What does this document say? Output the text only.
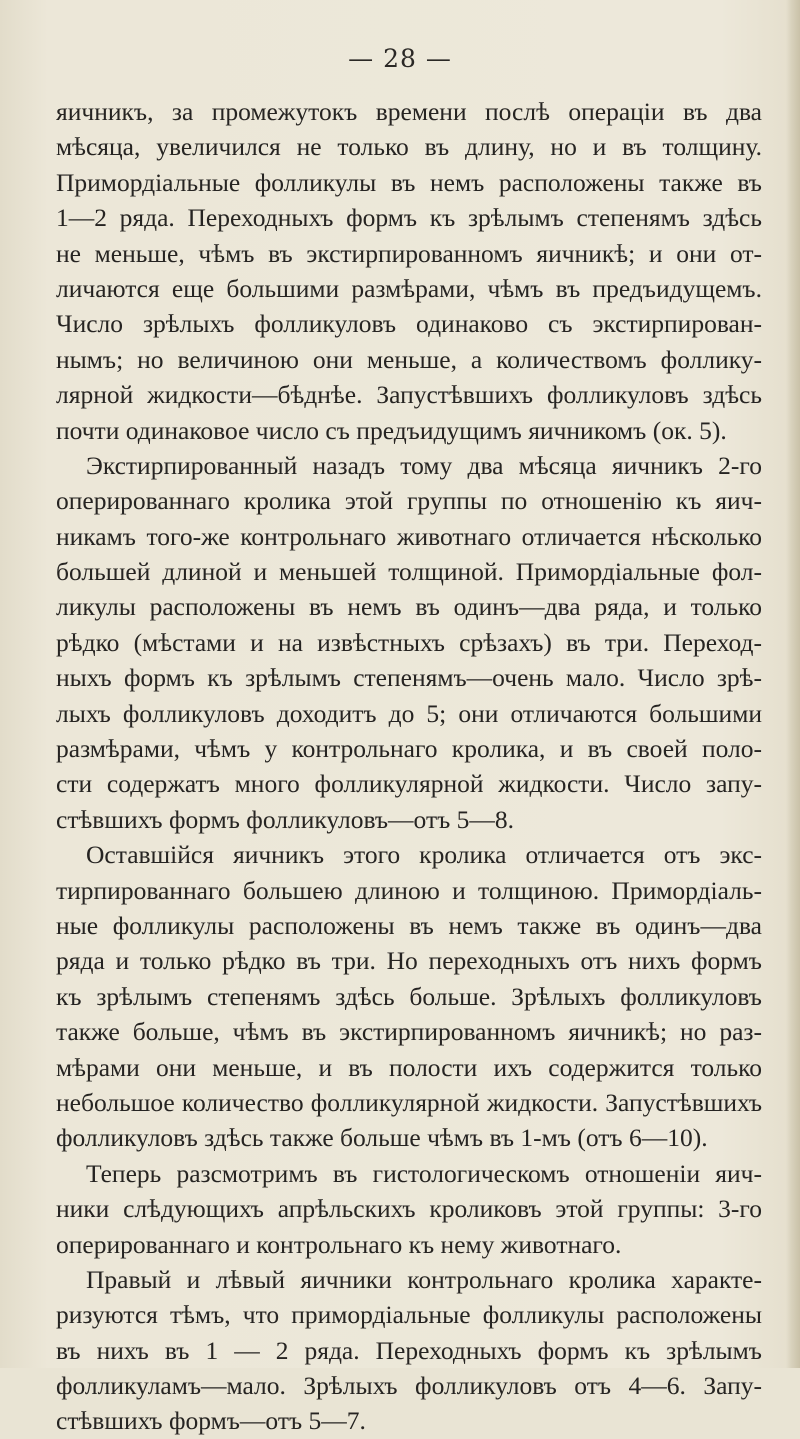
— 28 —
яичникъ, за промежутокъ времени послѣ операціи въ два
мѣсяца, увеличился не только въ длину, но и въ толщину.
Примордіальные фолликулы въ немъ расположены также въ
1—2 ряда. Переходныхъ формъ къ зрѣлымъ степенямъ здѣсь
не меньше, чѣмъ въ экстирпированномъ яичникѣ; и они от-
личаются еще большими размѣрами, чѣмъ въ предъидущемъ.
Число зрѣлыхъ фолликуловъ одинаково съ экстирпирован-
нымъ; но величиною они меньше, а количествомъ фоллику-
лярной жидкости—бѣднѣе. Запустѣвшихъ фолликуловъ здѣсь
почти одинаковое число съ предъидущимъ яичникомъ (ок. 5).
Экстирпированный назадъ тому два мѣсяца яичникъ 2-го
оперированнаго кролика этой группы по отношенію къ яич-
никамъ того-же контрольнаго животнаго отличается нѣсколько
большей длиной и меньшей толщиной. Примордіальные фол-
ликулы расположены въ немъ въ одинъ—два ряда, и только
рѣдко (мѣстами и на извѣстныхъ срѣзахъ) въ три. Переход-
ныхъ формъ къ зрѣлымъ степенямъ—очень мало. Число зрѣ-
лыхъ фолликуловъ доходитъ до 5; они отличаются большими
размѣрами, чѣмъ у контрольнаго кролика, и въ своей поло-
сти содержатъ много фолликулярной жидкости. Число запу-
стѣвшихъ формъ фолликуловъ—отъ 5—8.
Оставшійся яичникъ этого кролика отличается отъ экс-
тирпированнаго большею длиною и толщиною. Примордіаль-
ные фолликулы расположены въ немъ также въ одинъ—два
ряда и только рѣдко въ три. Но переходныхъ отъ нихъ формъ
къ зрѣлымъ степенямъ здѣсь больше. Зрѣлыхъ фолликуловъ
также больше, чѣмъ въ экстирпированномъ яичникѣ; но раз-
мѣрами они меньше, и въ полости ихъ содержится только
небольшое количество фолликулярной жидкости. Запустѣвшихъ
фолликуловъ здѣсь также больше чѣмъ въ 1-мъ (отъ 6—10).
Теперь разсмотримъ въ гистологическомъ отношеніи яич-
ники слѣдующихъ апрѣльскихъ кроликовъ этой группы: 3-го
оперированнаго и контрольнаго къ нему животнаго.
Правый и лѣвый яичники контрольнаго кролика характе-
ризуются тѣмъ, что примордіальные фолликулы расположены
въ нихъ въ 1 — 2 ряда. Переходныхъ формъ къ зрѣлымъ
фолликуламъ—мало. Зрѣлыхъ фолликуловъ отъ 4—6. Запу-
стѣвшихъ формъ—отъ 5—7.
